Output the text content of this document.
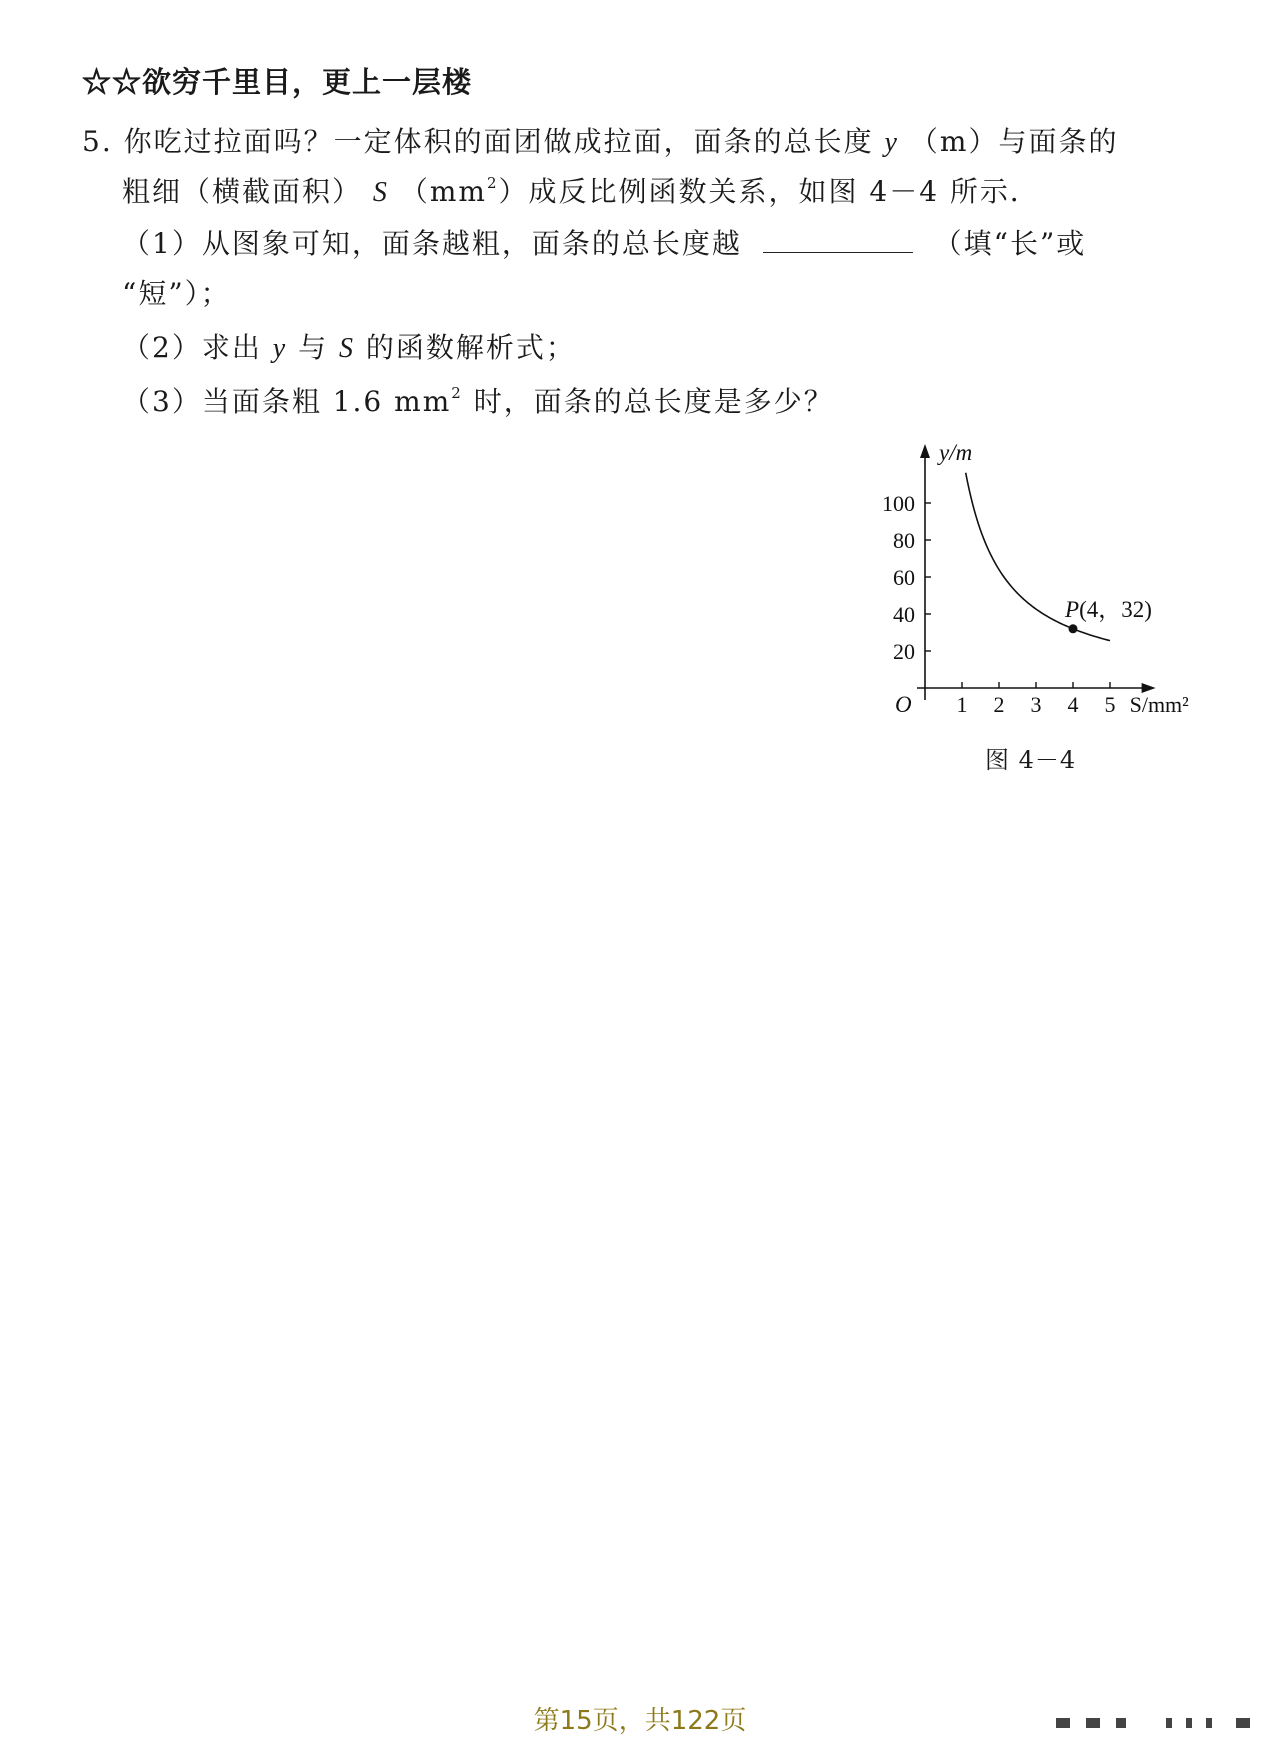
☆☆欲穷千里目，更上一层楼
5. 你吃过拉面吗？一定体积的面团做成拉面，面条的总长度 y （m）与面条的
粗细（横截面积） S $(mm^2)$成反比例函数关系，如图 4－4 所示．
（1）从图象可知，面条越粗，面条的总长度越	（填“长”或
“短”）；
（2）求出 y 与 S 的函数解析式；
（3）当面条粗 1.6 $mm^2$ 时，面条的总长度是多少？
1 2 3 4 5
20
40
60
80
100
P(4，32)
y/m
S/mm²
O
图 4－4
第15页，共122页
